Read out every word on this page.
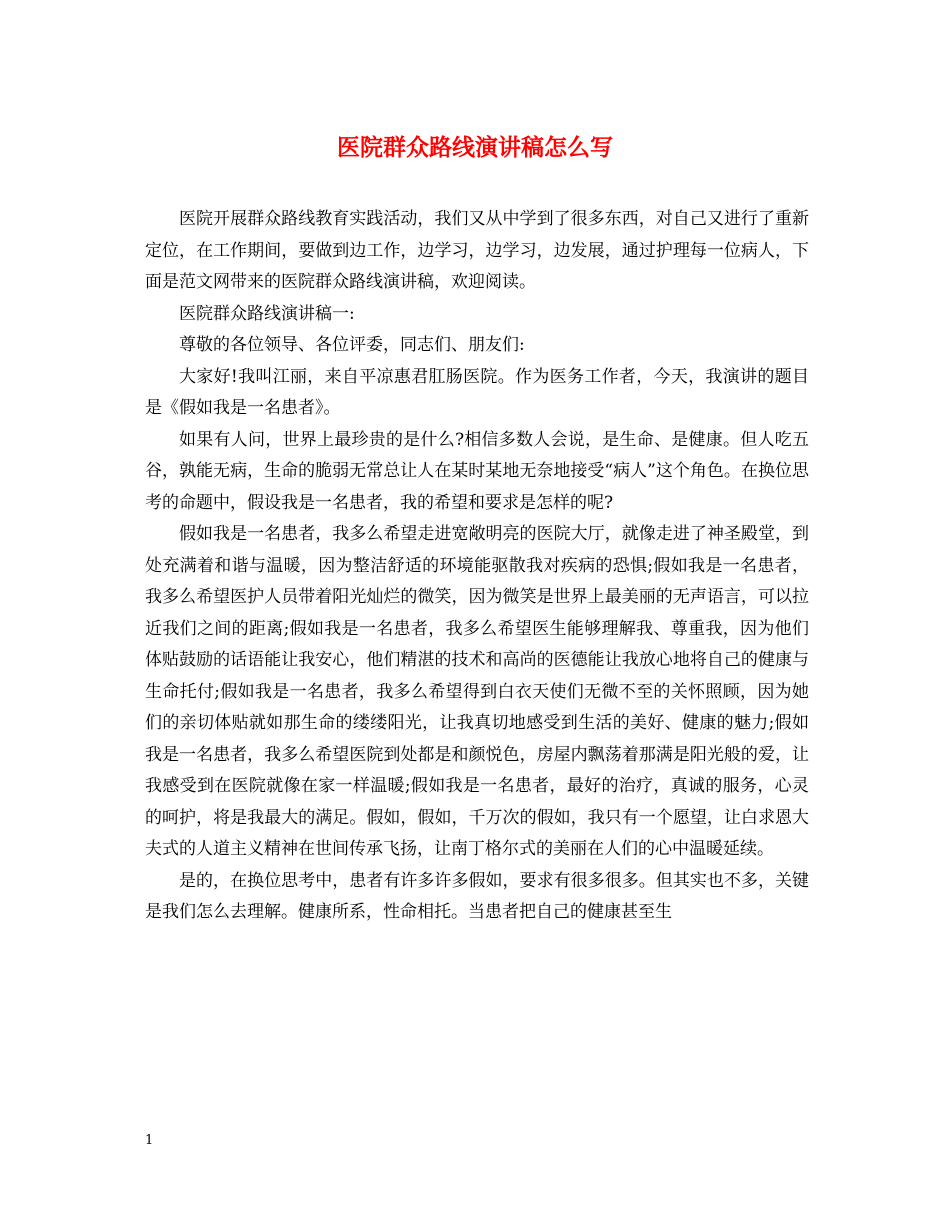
医院群众路线演讲稿怎么写

医院开展群众路线教育实践活动，我们又从中学到了很多东西，对自己又进行了重新定位，在工作期间，要做到边工作，边学习，边学习，边发展，通过护理每一位病人，下面是范文网带来的医院群众路线演讲稿，欢迎阅读。

医院群众路线演讲稿一:

尊敬的各位领导、各位评委，同志们、朋友们:

大家好!我叫江丽，来自平凉惠君肛肠医院。作为医务工作者，今天，我演讲的题目是《假如我是一名患者》。

如果有人问，世界上最珍贵的是什么?相信多数人会说，是生命、是健康。但人吃五谷，孰能无病，生命的脆弱无常总让人在某时某地无奈地接受“病人”这个角色。在换位思考的命题中，假设我是一名患者，我的希望和要求是怎样的呢?

假如我是一名患者，我多么希望走进宽敞明亮的医院大厅，就像走进了神圣殿堂，到处充满着和谐与温暖，因为整洁舒适的环境能驱散我对疾病的恐惧;假如我是一名患者，我多么希望医护人员带着阳光灿烂的微笑，因为微笑是世界上最美丽的无声语言，可以拉近我们之间的距离;假如我是一名患者，我多么希望医生能够理解我、尊重我，因为他们体贴鼓励的话语能让我安心，他们精湛的技术和高尚的医德能让我放心地将自己的健康与生命托付;假如我是一名患者，我多么希望得到白衣天使们无微不至的关怀照顾，因为她们的亲切体贴就如那生命的缕缕阳光，让我真切地感受到生活的美好、健康的魅力;假如我是一名患者，我多么希望医院到处都是和颜悦色，房屋内飘荡着那满是阳光般的爱，让我感受到在医院就像在家一样温暖;假如我是一名患者，最好的治疗，真诚的服务，心灵的呵护，将是我最大的满足。假如，假如，千万次的假如，我只有一个愿望，让白求恩大夫式的人道主义精神在世间传承飞扬，让南丁格尔式的美丽在人们的心中温暖延续。

是的，在换位思考中，患者有许多许多假如，要求有很多很多。但其实也不多，关键是我们怎么去理解。健康所系，性命相托。当患者把自己的健康甚至生

1
